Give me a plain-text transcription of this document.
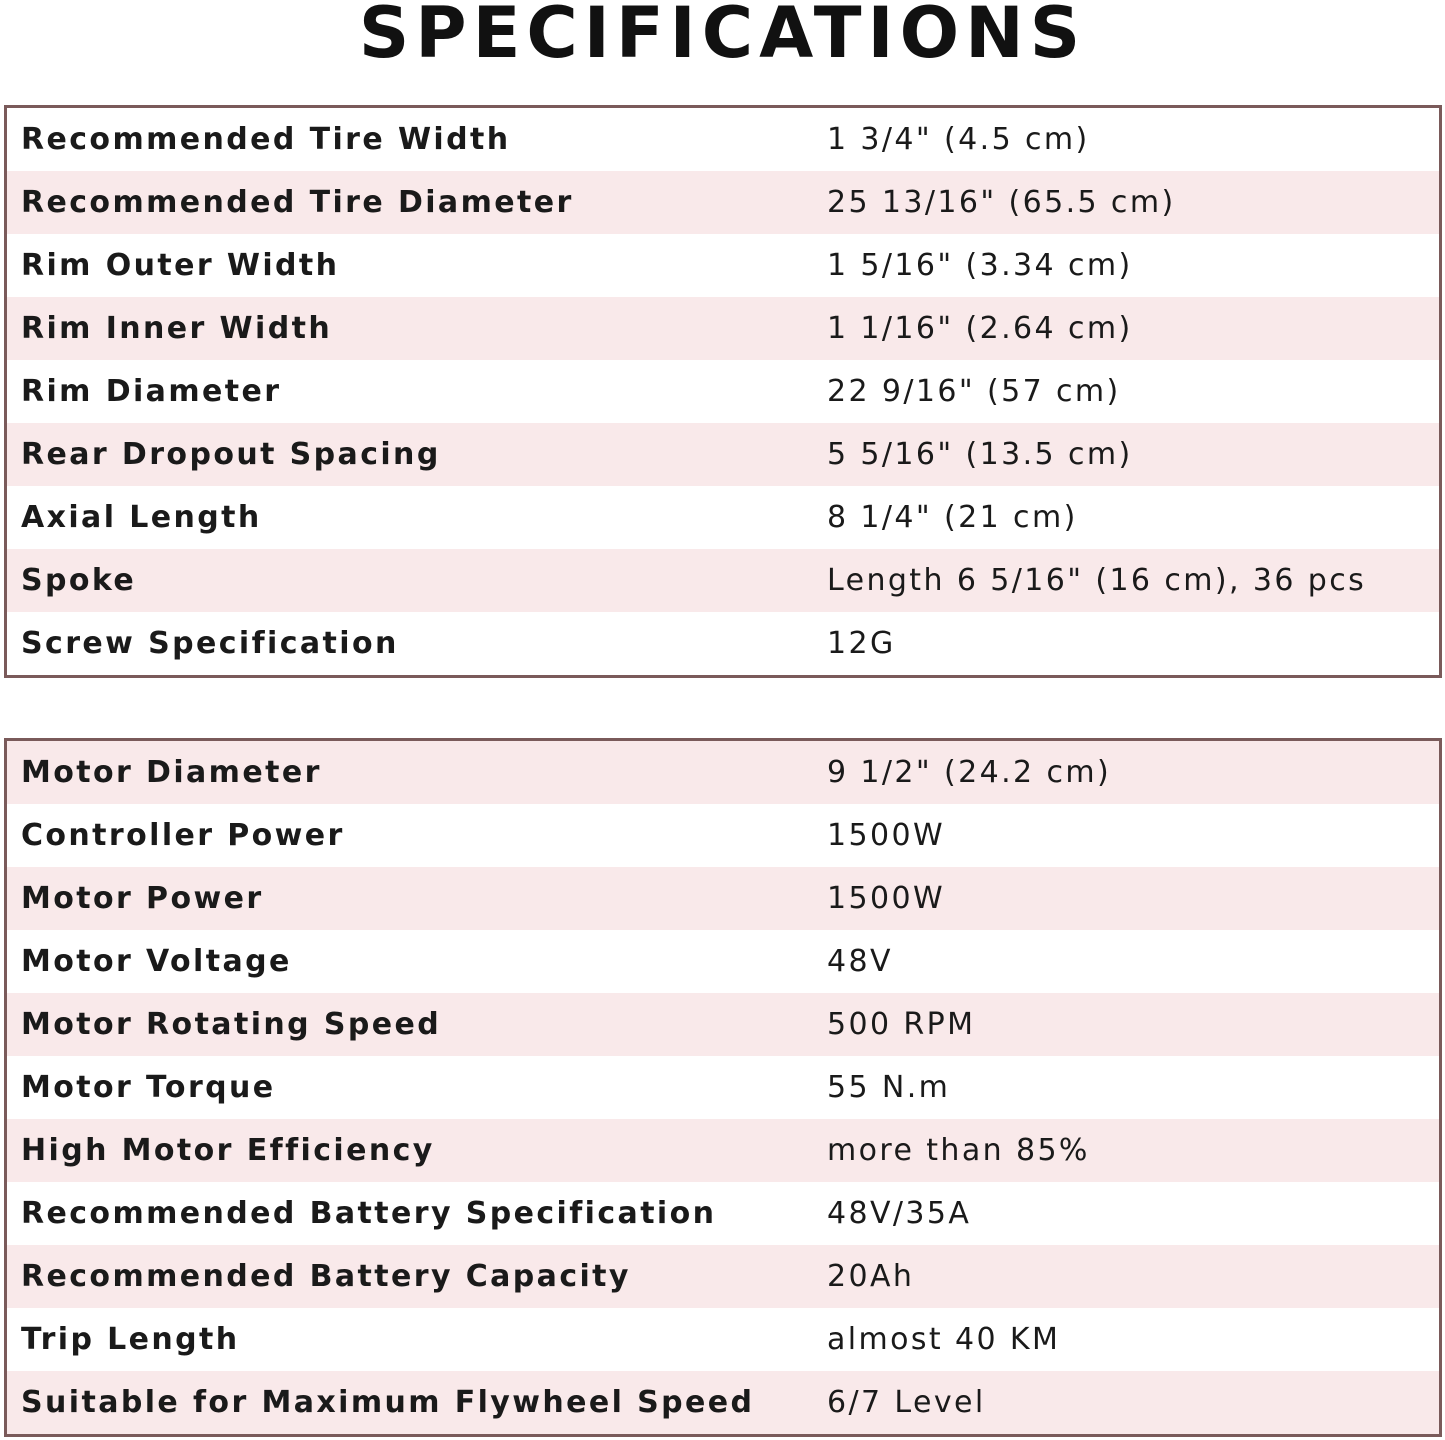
SPECIFICATIONS
Recommended Tire Width	1 3/4" (4.5 cm)
Recommended Tire Diameter	25 13/16" (65.5 cm)
Rim Outer Width	1 5/16" (3.34 cm)
Rim Inner Width	1 1/16" (2.64 cm)
Rim Diameter	22 9/16" (57 cm)
Rear Dropout Spacing	5 5/16" (13.5 cm)
Axial Length	8 1/4" (21 cm)
Spoke	Length 6 5/16" (16 cm), 36 pcs
Screw Specification	12G
Motor Diameter	9 1/2" (24.2 cm)
Controller Power	1500W
Motor Power	1500W
Motor Voltage	48V
Motor Rotating Speed	500 RPM
Motor Torque	55 N.m
High Motor Efficiency	more than 85%
Recommended Battery Specification	48V/35A
Recommended Battery Capacity	20Ah
Trip Length	almost 40 KM
Suitable for Maximum Flywheel Speed	6/7 Level
